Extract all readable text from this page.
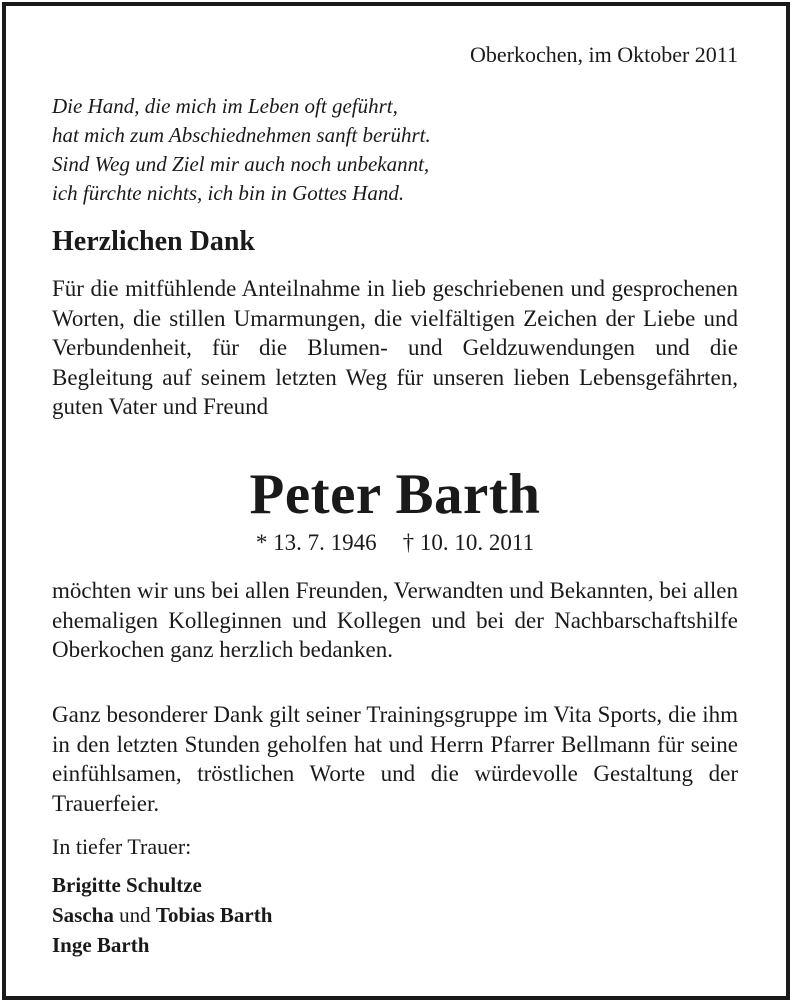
Oberkochen, im Oktober 2011
Die Hand, die mich im Leben oft geführt,
hat mich zum Abschiednehmen sanft berührt.
Sind Weg und Ziel mir auch noch unbekannt,
ich fürchte nichts, ich bin in Gottes Hand.
Herzlichen Dank
Für die mitfühlende Anteilnahme in lieb geschriebenen und gesprochenen Worten, die stillen Umarmungen, die vielfältigen Zeichen der Liebe und Verbundenheit, für die Blumen- und Geldzuwendungen und die Begleitung auf seinem letzten Weg für unseren lieben Lebensgefährten, guten Vater und Freund
Peter Barth
* 13. 7. 1946 † 10. 10. 2011
möchten wir uns bei allen Freunden, Verwandten und Bekannten, bei allen ehemaligen Kolleginnen und Kollegen und bei der Nachbarschaftshilfe Oberkochen ganz herzlich bedanken.
Ganz besonderer Dank gilt seiner Trainingsgruppe im Vita Sports, die ihm in den letzten Stunden geholfen hat und Herrn Pfarrer Bellmann für seine einfühlsamen, tröstlichen Worte und die würdevolle Gestaltung der Trauerfeier.
In tiefer Trauer:
Brigitte Schultze
Sascha und Tobias Barth
Inge Barth
